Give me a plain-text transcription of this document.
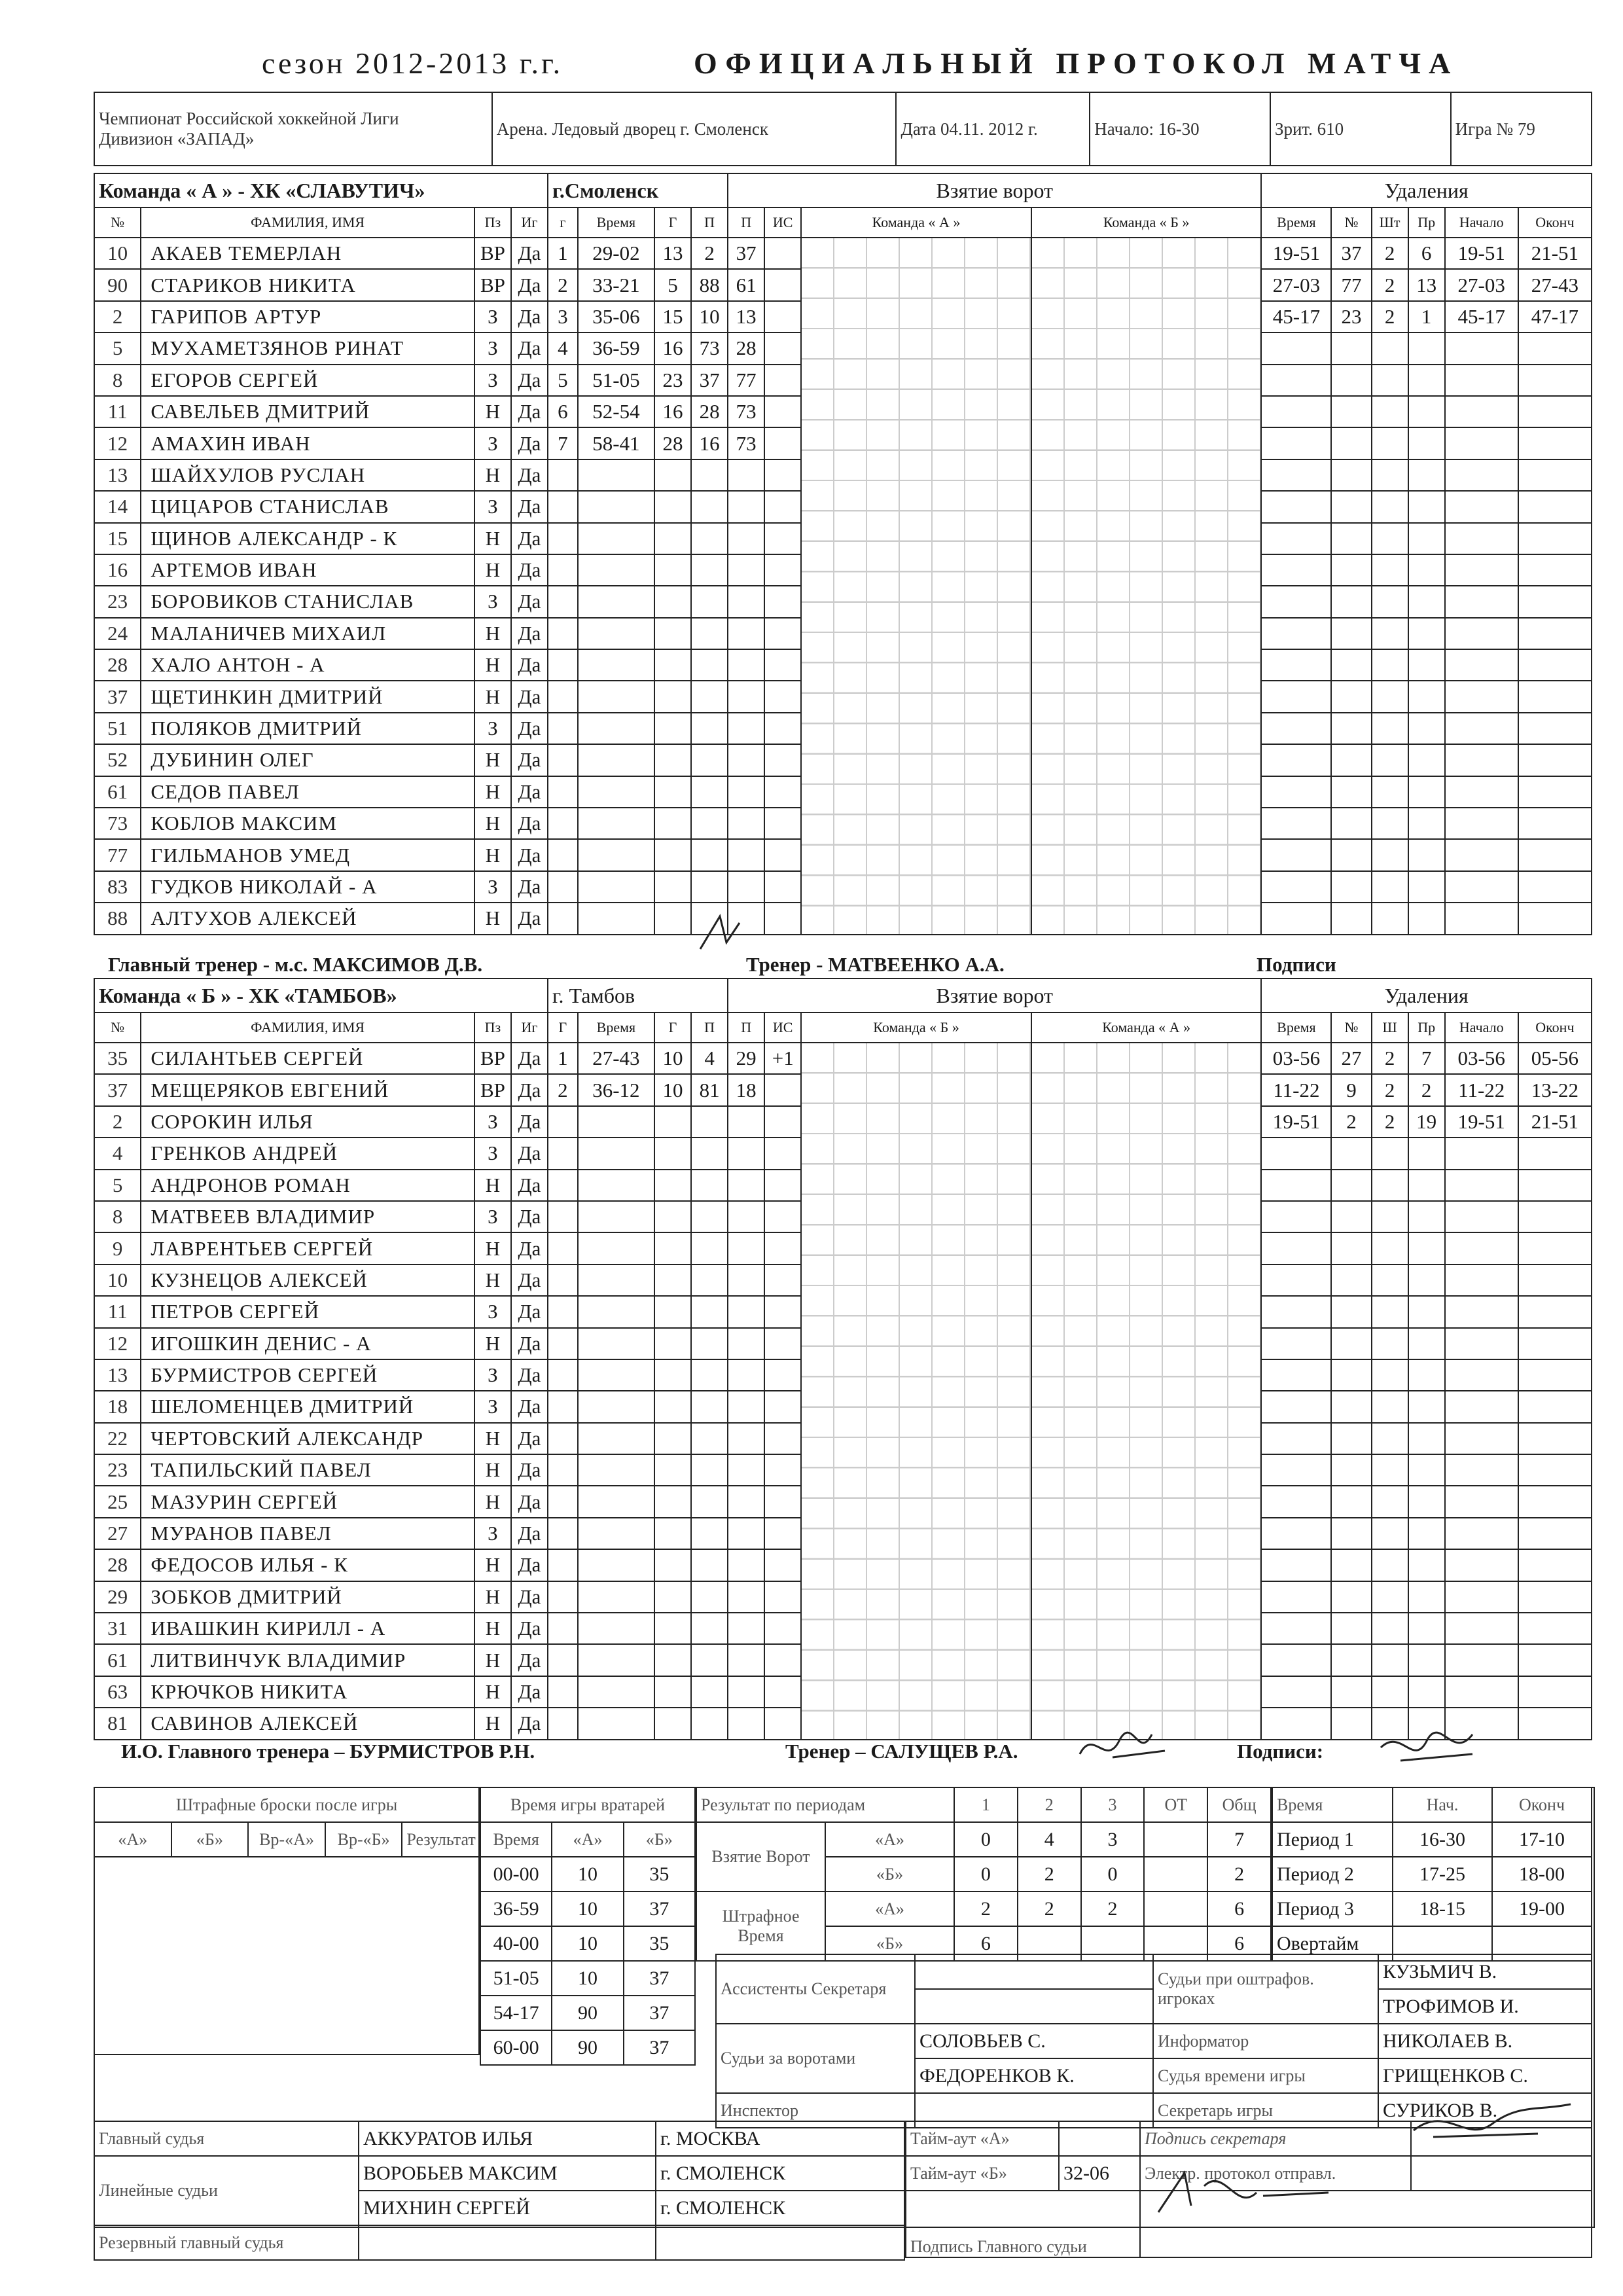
сезон 2012-2013 г.г.	ОФИЦИАЛЬНЫЙ ПРОТОКОЛ МАТЧА
Чемпионат Российской хоккейной Лиги
Дивизион «ЗАПАД»
	Арена. Ледовый дворец г. Смоленск	Дата 04.11. 2012 г.	Начало: 16-30	Зрит. 610	Игра № 79
Команда « А » - ХК «СЛАВУТИЧ»				г.Смоленск				Взятие ворот				Удаления					
№	ФАМИЛИЯ, ИМЯ	Пз	Иг	г	Время	Г	П	П	ИС	Команда « А »	Команда « Б »	Время	№	Шт	Пр	Начало	Оконч
10	АКАЕВ ТЕМЕРЛАН	ВР	Да	1	29-02	13	2	37				19-51	37	2	6	19-51	21-51
90	СТАРИКОВ НИКИТА	ВР	Да	2	33-21	5	88	61				27-03	77	2	13	27-03	27-43
2	ГАРИПОВ АРТУР	З	Да	3	35-06	15	10	13				45-17	23	2	1	45-17	47-17
5	МУХАМЕТЗЯНОВ РИНАТ	З	Да	4	36-59	16	73	28									
8	ЕГОРОВ СЕРГЕЙ	З	Да	5	51-05	23	37	77									
11	САВЕЛЬЕВ ДМИТРИЙ	Н	Да	6	52-54	16	28	73									
12	АМАХИН ИВАН	З	Да	7	58-41	28	16	73									
13	ШАЙХУЛОВ РУСЛАН	Н	Да														
14	ЦИЦАРОВ СТАНИСЛАВ	З	Да														
15	ЩИНОВ АЛЕКСАНДР - К	Н	Да														
16	АРТЕМОВ ИВАН	Н	Да														
23	БОРОВИКОВ СТАНИСЛАВ	З	Да														
24	МАЛАНИЧЕВ МИХАИЛ	Н	Да														
28	ХАЛО АНТОН - А	Н	Да														
37	ЩЕТИНКИН ДМИТРИЙ	Н	Да														
51	ПОЛЯКОВ ДМИТРИЙ	З	Да														
52	ДУБИНИН ОЛЕГ	Н	Да														
61	СЕДОВ ПАВЕЛ	Н	Да														
73	КОБЛОВ МАКСИМ	Н	Да														
77	ГИЛЬМАНОВ УМЕД	Н	Да														
83	ГУДКОВ НИКОЛАЙ - А	З	Да														
88	АЛТУХОВ АЛЕКСЕЙ	Н	Да														
Главный тренер - м.с. МАКСИМОВ Д.В.	Тренер - МАТВЕЕНКО А.А.	Подписи
Команда « Б » - ХК «ТАМБОВ»				г. Тамбов				Взятие ворот				Удаления					
№	ФАМИЛИЯ, ИМЯ	Пз	Иг	Г	Время	Г	П	П	ИС	Команда « Б »	Команда « А »	Время	№	Ш	Пр	Начало	Оконч
35	СИЛАНТЬЕВ СЕРГЕЙ	ВР	Да	1	27-43	10	4	29	+1			03-56	27	2	7	03-56	05-56
37	МЕЩЕРЯКОВ ЕВГЕНИЙ	ВР	Да	2	36-12	10	81	18				11-22	9	2	2	11-22	13-22
2	СОРОКИН ИЛЬЯ	З	Да									19-51	2	2	19	19-51	21-51
4	ГРЕНКОВ АНДРЕЙ	З	Да														
5	АНДРОНОВ РОМАН	Н	Да														
8	МАТВЕЕВ ВЛАДИМИР	З	Да														
9	ЛАВРЕНТЬЕВ СЕРГЕЙ	Н	Да														
10	КУЗНЕЦОВ АЛЕКСЕЙ	Н	Да														
11	ПЕТРОВ СЕРГЕЙ	З	Да														
12	ИГОШКИН ДЕНИС - А	Н	Да														
13	БУРМИСТРОВ СЕРГЕЙ	З	Да														
18	ШЕЛОМЕНЦЕВ ДМИТРИЙ	З	Да														
22	ЧЕРТОВСКИЙ АЛЕКСАНДР	Н	Да														
23	ТАПИЛЬСКИЙ ПАВЕЛ	Н	Да														
25	МАЗУРИН СЕРГЕЙ	Н	Да														
27	МУРАНОВ ПАВЕЛ	З	Да														
28	ФЕДОСОВ ИЛЬЯ - К	Н	Да														
29	ЗОБКОВ ДМИТРИЙ	Н	Да														
31	ИВАШКИН КИРИЛЛ - А	Н	Да														
61	ЛИТВИНЧУК ВЛАДИМИР	Н	Да														
63	КРЮЧКОВ НИКИТА	Н	Да														
81	САВИНОВ АЛЕКСЕЙ	Н	Да														
И.О. Главного тренера – БУРМИСТРОВ Р.Н.	Тренер – САЛУЩЕВ Р.А.	Подписи:
Штрафные броски после игры
«А»	«Б»	Вр-«А»	Вр-«Б»	Результат

Время игры вратарей		
Время	«А»	«Б»
00-00	10	35
36-59	10	37
40-00	10	35
51-05	10	37
54-17	90	37
60-00	90	37
Результат по периодам		1	2	3	ОТ	Общ
Взятие Ворот	«А»	0	4	3		7
	«Б»	0	2	0		2
Штрафное Время	«А»	2	2	2		6
	«Б»	6				6
Время	Нач.	Оконч
Период 1	16-30	17-10
Период 2	17-25	18-00
Период 3	18-15	19-00
Овертайм		
Ассистенты Секретаря		Судьи при оштрафов. игроках	КУЗЬМИЧ В.
			ТРОФИМОВ И.
Судьи за воротами	СОЛОВЬЕВ С.	Информатор	НИКОЛАЕВ В.
	ФЕДОРЕНКОВ К.	Судья времени игры	ГРИЩЕНКОВ С.
Инспектор		Секретарь игры	СУРИКОВ В.
Главный судья	АККУРАТОВ ИЛЬЯ	г. МОСКВА
Линейные судьи	ВОРОБЬЕВ МАКСИМ	г. СМОЛЕНСК
	МИХНИН СЕРГЕЙ	г. СМОЛЕНСК
Резервный главный судья		
Тайм-аут «А»		Подпись секретаря	
Тайм-аут «Б»	32-06	Электр. протокол отправл.	
Подпись Главного судьи			
